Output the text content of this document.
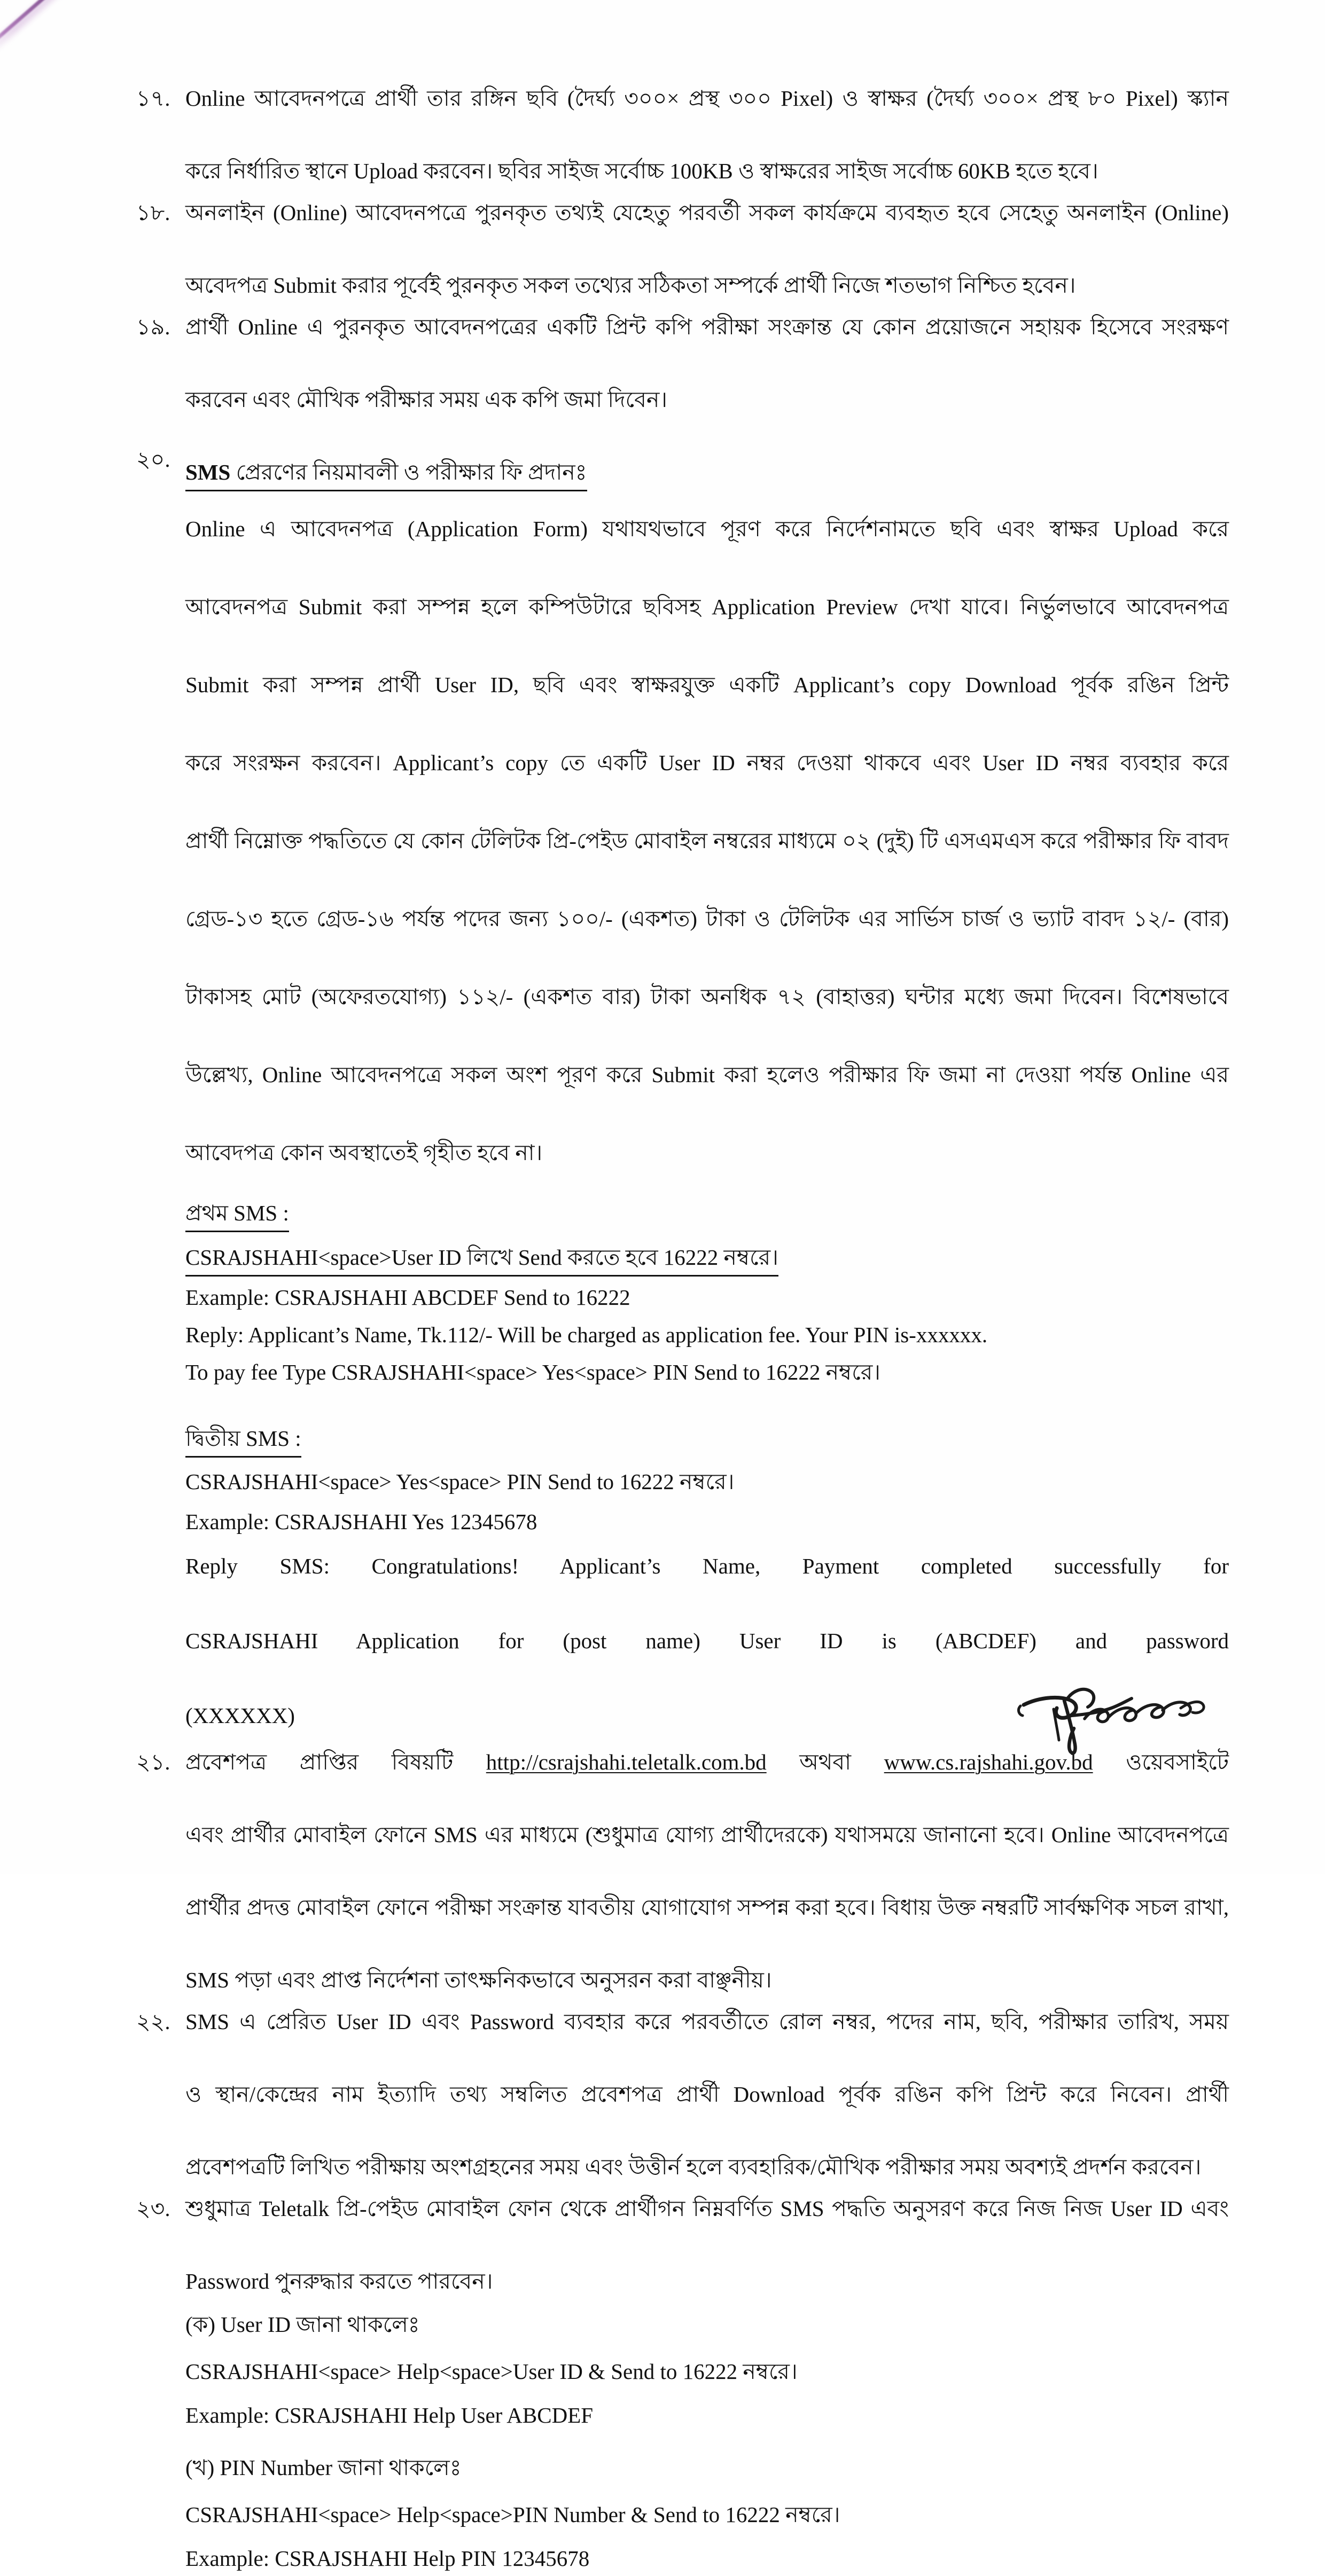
১৭. Online আবেদনপত্রে প্রার্থী তার রঙ্গিন ছবি (দৈর্ঘ্য ৩০০× প্রস্থ ৩০০ Pixel) ও স্বাক্ষর (দৈর্ঘ্য ৩০০× প্রস্থ ৮০ Pixel) স্ক্যান
করে নির্ধারিত স্থানে Upload করবেন। ছবির সাইজ সর্বোচ্চ 100KB ও স্বাক্ষরের সাইজ সর্বোচ্চ 60KB হতে হবে।
১৮. অনলাইন (Online) আবেদনপত্রে পুরনকৃত তথ্যই যেহেতু পরবর্তী সকল কার্যক্রমে ব্যবহৃত হবে সেহেতু অনলাইন (Online)
অবেদপত্র Submit করার পূর্বেই পুরনকৃত সকল তথ্যের সঠিকতা সম্পর্কে প্রার্থী নিজে শতভাগ নিশ্চিত হবেন।
১৯. প্রার্থী Online এ পুরনকৃত আবেদনপত্রের একটি প্রিন্ট কপি পরীক্ষা সংক্রান্ত যে কোন প্রয়োজনে সহায়ক হিসেবে সংরক্ষণ
করবেন এবং মৌখিক পরীক্ষার সময় এক কপি জমা দিবেন।
২০.
SMS প্রেরণের নিয়মাবলী ও পরীক্ষার ফি প্রদানঃ
Online এ আবেদনপত্র (Application Form) যথাযথভাবে পূরণ করে নির্দেশনামতে ছবি এবং স্বাক্ষর Upload করে
আবেদনপত্র Submit করা সম্পন্ন হলে কম্পিউটারে ছবিসহ Application Preview দেখা যাবে। নির্ভুলভাবে আবেদনপত্র
Submit করা সম্পন্ন প্রার্থী User ID, ছবি এবং স্বাক্ষরযুক্ত একটি Applicant’s copy Download পূর্বক রঙিন প্রিন্ট
করে সংরক্ষন করবেন। Applicant’s copy তে একটি User ID নম্বর দেওয়া থাকবে এবং User ID নম্বর ব্যবহার করে
প্রার্থী নিম্নোক্ত পদ্ধতিতে যে কোন টেলিটক প্রি-পেইড মোবাইল নম্বরের মাধ্যমে ০২ (দুই) টি এসএমএস করে পরীক্ষার ফি বাবদ
গ্রেড-১৩ হতে গ্রেড-১৬ পর্যন্ত পদের জন্য ১০০/- (একশত) টাকা ও টেলিটক এর সার্ভিস চার্জ ও ভ্যাট বাবদ ১২/- (বার)
টাকাসহ মোট (অফেরতযোগ্য) ১১২/- (একশত বার) টাকা অনধিক ৭২ (বাহাত্তর) ঘন্টার মধ্যে জমা দিবেন। বিশেষভাবে
উল্লেখ্য, Online আবেদনপত্রে সকল অংশ পূরণ করে Submit করা হলেও পরীক্ষার ফি জমা না দেওয়া পর্যন্ত Online এর
আবেদপত্র কোন অবস্থাতেই গৃহীত হবে না।
প্রথম SMS :
CSRAJSHAHI<space>User ID লিখে Send করতে হবে 16222 নম্বরে।
Example: CSRAJSHAHI ABCDEF Send to 16222
Reply: Applicant’s Name, Tk.112/- Will be charged as application fee. Your PIN is-xxxxxx.
To pay fee Type CSRAJSHAHI<space> Yes<space> PIN Send to 16222 নম্বরে।
দ্বিতীয় SMS :
CSRAJSHAHI<space> Yes<space> PIN Send to 16222 নম্বরে।
Example: CSRAJSHAHI Yes 12345678
Reply SMS: Congratulations! Applicant’s Name, Payment completed successfully for
CSRAJSHAHI Application for (post name) User ID is (ABCDEF) and password
(XXXXXX)
২১. প্রবেশপত্র প্রাপ্তির বিষয়টি http://csrajshahi.teletalk.com.bd অথবা www.cs.rajshahi.gov.bd ওয়েবসাইটে
এবং প্রার্থীর মোবাইল ফোনে SMS এর মাধ্যমে (শুধুমাত্র যোগ্য প্রার্থীদেরকে) যথাসময়ে জানানো হবে। Online আবেদনপত্রে
প্রার্থীর প্রদত্ত মোবাইল ফোনে পরীক্ষা সংক্রান্ত যাবতীয় যোগাযোগ সম্পন্ন করা হবে। বিধায় উক্ত নম্বরটি সার্বক্ষণিক সচল রাখা,
SMS পড়া এবং প্রাপ্ত নির্দেশনা তাৎক্ষনিকভাবে অনুসরন করা বাঞ্ছনীয়।
২২. SMS এ প্রেরিত User ID এবং Password ব্যবহার করে পরবর্তীতে রোল নম্বর, পদের নাম, ছবি, পরীক্ষার তারিখ, সময়
ও স্থান/কেন্দ্রের নাম ইত্যাদি তথ্য সম্বলিত প্রবেশপত্র প্রার্থী Download পূর্বক রঙিন কপি প্রিন্ট করে নিবেন। প্রার্থী
প্রবেশপত্রটি লিখিত পরীক্ষায় অংশগ্রহনের সময় এবং উত্তীর্ন হলে ব্যবহারিক/মৌখিক পরীক্ষার সময় অবশ্যই প্রদর্শন করবেন।
২৩. শুধুমাত্র Teletalk প্রি-পেইড মোবাইল ফোন থেকে প্রার্থীগন নিম্নবর্ণিত SMS পদ্ধতি অনুসরণ করে নিজ নিজ User ID এবং
Password পুনরুদ্ধার করতে পারবেন।
(ক) User ID জানা থাকলেঃ
CSRAJSHAHI<space> Help<space>User ID & Send to 16222 নম্বরে।
Example: CSRAJSHAHI Help User ABCDEF
(খ) PIN Number জানা থাকলেঃ
CSRAJSHAHI<space> Help<space>PIN Number & Send to 16222 নম্বরে।
Example: CSRAJSHAHI Help PIN 12345678
